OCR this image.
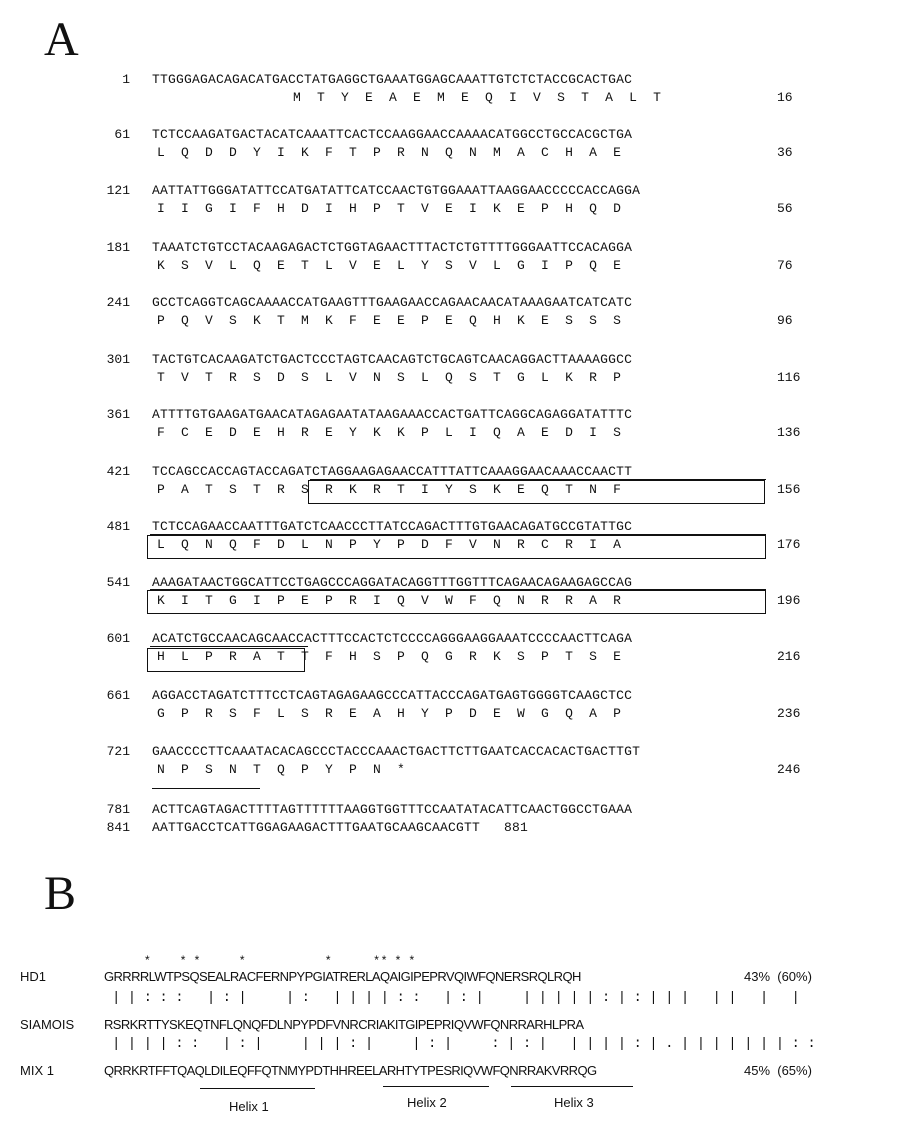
A
1 TTGGGAGACAGACATGACCTATGAGGCTGAAATGGAGCAAATTGTCTCTACCGCACTGAC
M  T  Y  E  A  E  M  E  Q  I  V  S  T  A  L  T	16
61 TCTCCAAGATGACTACATCAAATTCACTCCAAGGAACCAAAACATGGCCTGCCACGCTGA
L  Q  D  D  Y  I  K  F  T  P  R  N  Q  N  M  A  C  H  A  E	36
121 AATTATTGGGATATTCCATGATATTCATCCAACTGTGGAAATTAAGGAACCCCCACCAGGA
I  I  G  I  F  H  D  I  H  P  T  V  E  I  K  E  P  H  Q  D	56
181 TAAATCTGTCCTACAAGAGACTCTGGTAGAACTTTACTCTGTTTTGGGAATTCCACAGGA
K  S  V  L  Q  E  T  L  V  E  L  Y  S  V  L  G  I  P  Q  E	76
241 GCCTCAGGTCAGCAAAACCATGAAGTTTGAAGAACCAGAACAACATAAAGAATCATCATC
P  Q  V  S  K  T  M  K  F  E  E  P  E  Q  H  K  E  S  S  S	96
301 TACTGTCACAAGATCTGACTCCCTAGTCAACAGTCTGCAGTCAACAGGACTTAAAAGGCC
T  V  T  R  S  D  S  L  V  N  S  L  Q  S  T  G  L  K  R  P	116
361 ATTTTGTGAAGATGAACATAGAGAATATAAGAAACCACTGATTCAGGCAGAGGATATTTC
F  C  E  D  E  H  R  E  Y  K  K  P  L  I  Q  A  E  D  I  S	136
421 TCCAGCCACCAGTACCAGATCTAGGAAGAGAACCATTTATTCAAAGGAACAAACCAACTT
P  A  T  S  T  R  S  R  K  R  T  I  Y  S  K  E  Q  T  N  F	156
481 TCTCCAGAACCAATTTGATCTCAACCCTTATCCAGACTTTGTGAACAGATGCCGTATTGC
L  Q  N  Q  F  D  L  N  P  Y  P  D  F  V  N  R  C  R  I  A	176
541 AAAGATAACTGGCATTCCTGAGCCCAGGATACAGGTTTGGTTTCAGAACAGAAGAGCCAG
K  I  T  G  I  P  E  P  R  I  Q  V  W  F  Q  N  R  R  A  R	196
601 ACATCTGCCAACAGCAACCACTTTCCACTCTCCCCAGGGAAGGAAATCCCCAACTTCAGA
H  L  P  R  A  T  T  F  H  S  P  Q  G  R  K  S  P  T  S  E	216
661 AGGACCTAGATCTTTCCTCAGTAGAGAAGCCCATTACCCAGATGAGTGGGGTCAAGCTCC
G  P  R  S  F  L  S  R  E  A  H  Y  P  D  E  W  G  Q  A  P	236
721 GAACCCCTTCAAATACACAGCCCTACCCAAACTGACTTCTTGAATCACCACACTGACTTGT
N  P  S  N  T  Q  P  Y  P  N  *	246
781 ACTTCAGTAGACTTTTAGTTTTTTAAGGTGGTTTCCAATATACATTCAACTGGCCTGAAA
841 AATTGACCTCATTGGAGAAGACTTTGAATGCAAGCAACGTT   881
B
*          *   *             *                          *              * *   *   *
HD1	GRRRRLWTPSQSEALRACFERNPYPGIATRERLAQAIGIPEPRVQIWFQNERSRQLRQH	43%  (60%)
| | : : :   | : |     | :   | | | | : :   | : |     | | | | | : | : | | |   | |   |   |
SIAMOIS RSRKRTTYSKEQTNFLQNQFDLNPYPDFVNRCRIAKITGIPEPRIQVWFQNRRARHLPRA
| | | | : :   | : |     | | | : |     | : |     : | : |   | | | | : | . | | | | | | | : :
MIX 1	QRRKRTFFTQAQLDILEQFFQTNMYPDTHHREELARHTYTPESRIQVWFQNRRAKVRRQG	45%  (65%)
Helix 1	Helix 2	Helix 3
